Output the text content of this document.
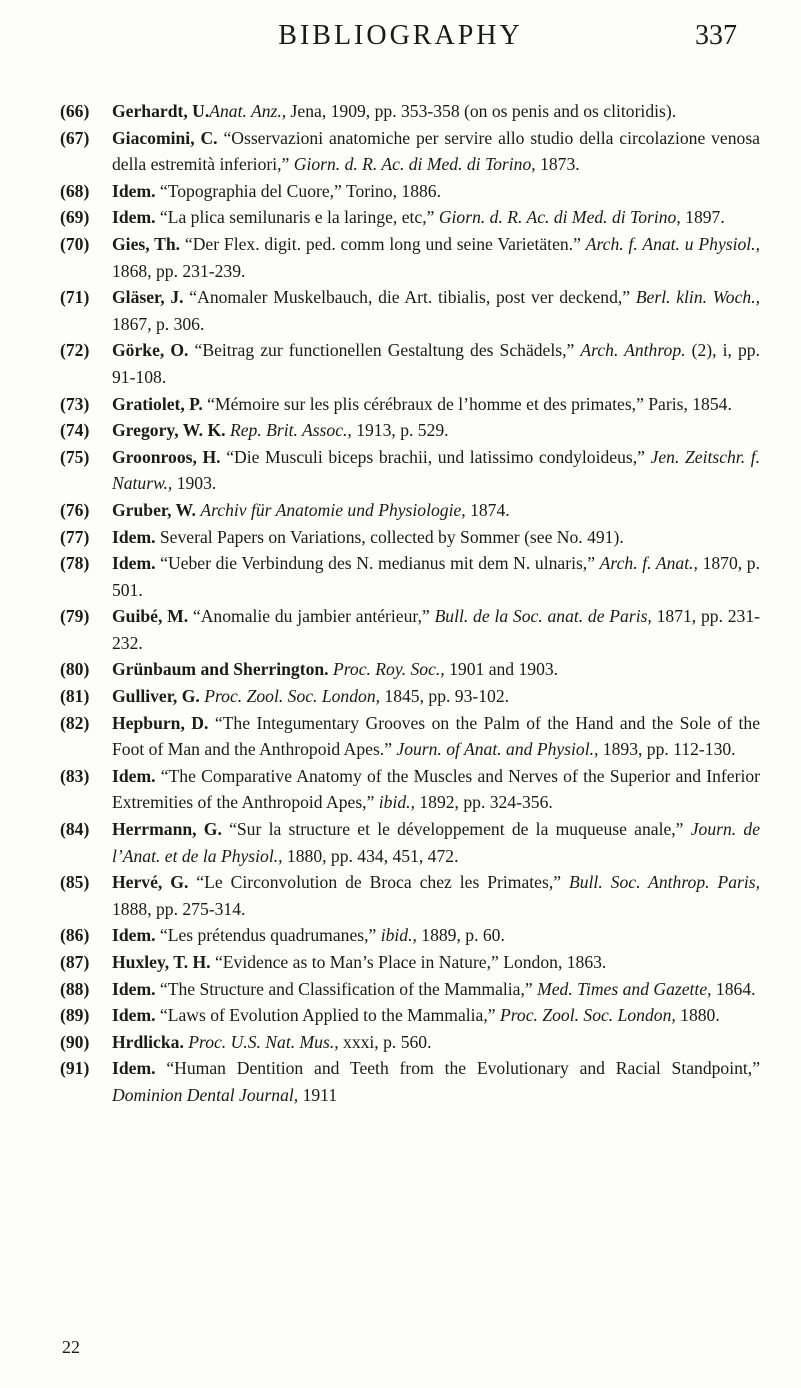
BIBLIOGRAPHY	337
(66) Gerhardt, U.Anat. Anz., Jena, 1909, pp. 353-358 (on os penis and os clitoridis).
(67) Giacomini, C. “Osservazioni anatomiche per servire allo studio della circolazione venosa della estremità inferiori,” Giorn. d. R. Ac. di Med. di Torino, 1873.
(68) Idem. “Topographia del Cuore,” Torino, 1886.
(69) Idem. “La plica semilunaris e la laringe, etc,” Giorn. d. R. Ac. di Med. di Torino, 1897.
(70) Gies, Th. “Der Flex. digit. ped. comm long und seine Varietäten.” Arch. f. Anat. u Physiol., 1868, pp. 231-239.
(71) Gläser, J. “Anomaler Muskelbauch, die Art. tibialis, post ver deckend,” Berl. klin. Woch., 1867, p. 306.
(72) Görke, O. “Beitrag zur functionellen Gestaltung des Schädels,” Arch. Anthrop. (2), i, pp. 91-108.
(73) Gratiolet, P. “Mémoire sur les plis cérébraux de l’homme et des primates,” Paris, 1854.
(74) Gregory, W. K. Rep. Brit. Assoc., 1913, p. 529.
(75) Groonroos, H. “Die Musculi biceps brachii, und latissimo condyloideus,” Jen. Zeitschr. f. Naturw., 1903.
(76) Gruber, W. Archiv für Anatomie und Physiologie, 1874.
(77) Idem. Several Papers on Variations, collected by Sommer (see No. 491).
(78) Idem. “Ueber die Verbindung des N. medianus mit dem N. ulnaris,” Arch. f. Anat., 1870, p. 501.
(79) Guibé, M. “Anomalie du jambier antérieur,” Bull. de la Soc. anat. de Paris, 1871, pp. 231-232.
(80) Grünbaum and Sherrington. Proc. Roy. Soc., 1901 and 1903.
(81) Gulliver, G. Proc. Zool. Soc. London, 1845, pp. 93-102.
(82) Hepburn, D. “The Integumentary Grooves on the Palm of the Hand and the Sole of the Foot of Man and the Anthropoid Apes.” Journ. of Anat. and Physiol., 1893, pp. 112-130.
(83) Idem. “The Comparative Anatomy of the Muscles and Nerves of the Superior and Inferior Extremities of the Anthropoid Apes,” ibid., 1892, pp. 324-356.
(84) Herrmann, G. “Sur la structure et le développement de la muqueuse anale,” Journ. de l’Anat. et de la Physiol., 1880, pp. 434, 451, 472.
(85) Hervé, G. “Le Circonvolution de Broca chez les Primates,” Bull. Soc. Anthrop. Paris, 1888, pp. 275-314.
(86) Idem. “Les prétendus quadrumanes,” ibid., 1889, p. 60.
(87) Huxley, T. H. “Evidence as to Man’s Place in Nature,” London, 1863.
(88) Idem. “The Structure and Classification of the Mammalia,” Med. Times and Gazette, 1864.
(89) Idem. “Laws of Evolution Applied to the Mammalia,” Proc. Zool. Soc. London, 1880.
(90) Hrdlicka. Proc. U.S. Nat. Mus., xxxi, p. 560.
(91) Idem. “Human Dentition and Teeth from the Evolutionary and Racial Standpoint,” Dominion Dental Journal, 1911
22
